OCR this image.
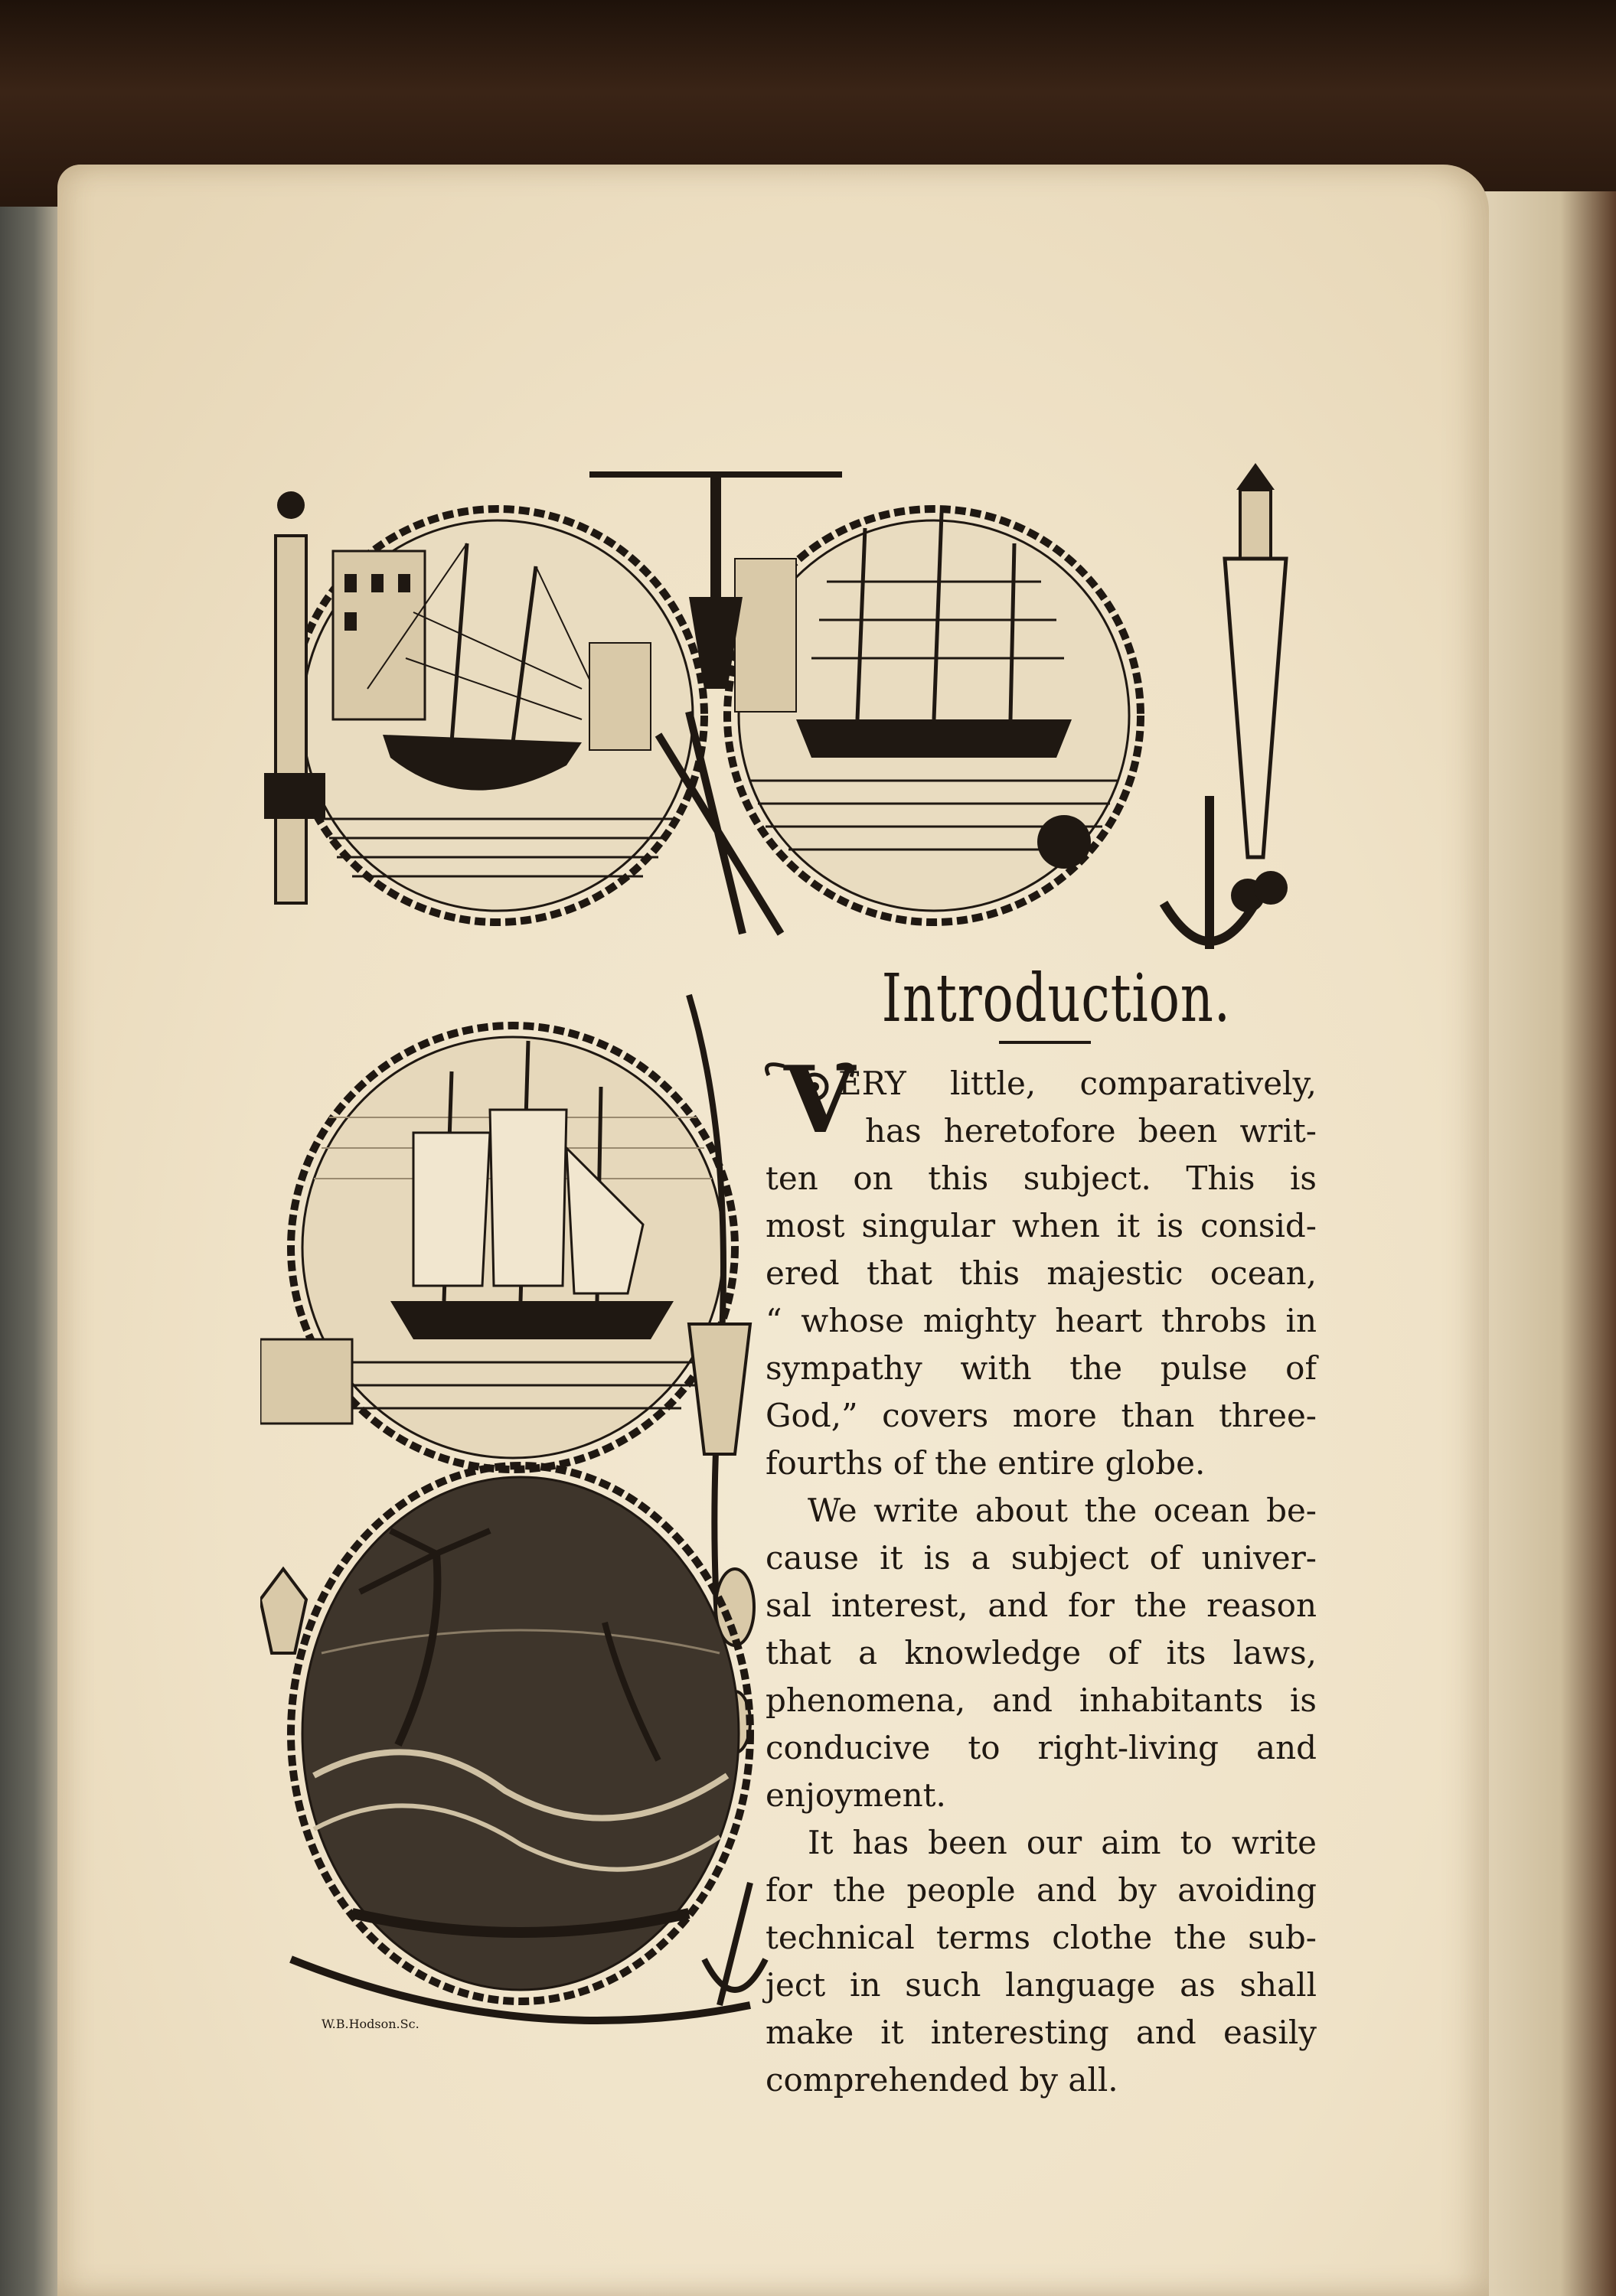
W.B.Hodson.Sc.
Introduction.
V
ERY little, comparatively,
has heretofore been writ-
ten on this subject. This is
most singular when it is consid-
ered that this majestic ocean,
“ whose mighty heart throbs in
sympathy with the pulse of
God,” covers more than three-
fourths of the entire globe.
We write about the ocean be-
cause it is a subject of univer-
sal interest, and for the reason
that a knowledge of its laws,
phenomena, and inhabitants is
conducive to right-living and
enjoyment.
It has been our aim to write
for the people and by avoiding
technical terms clothe the sub-
ject in such language as shall
make it interesting and easily
comprehended by all.
